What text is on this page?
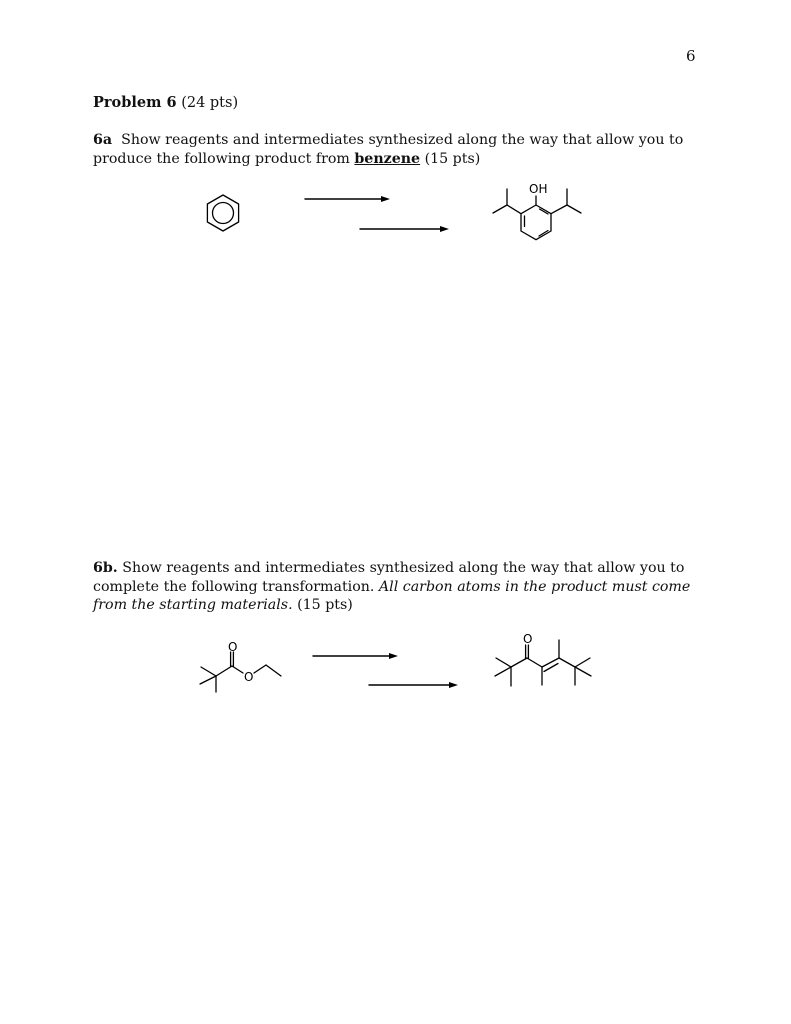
6
Problem 6 (24 pts)
6a Show reagents and intermediates synthesized along the way that allow you to produce the following product from benzene (15 pts)
6b. Show reagents and intermediates synthesized along the way that allow you to complete the following transformation. All carbon atoms in the product must come from the starting materials. (15 pts)
OH
O
O
O
